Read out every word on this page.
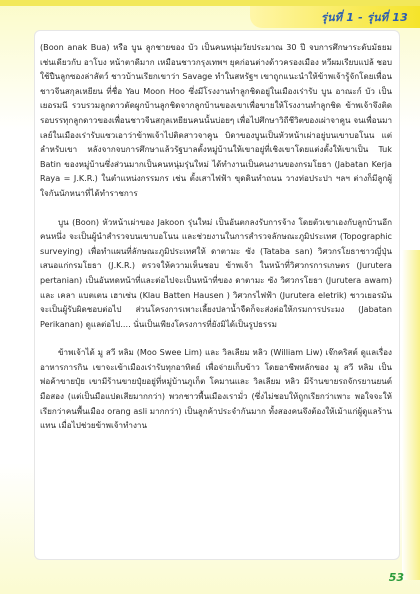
รุ่นที่ 1 - รุ่นที่ 13

(Boon anak Bua) หรือ บูน ลูกชายของ บัว เป็นคนหนุ่มวัยประมาณ 30 ปี จบการศึกษาระดับมัธยมเช่นเดียวกับ อาโบง หน้าตาดีมาก เหมือนชาวกรุงเทพฯ ยุคก่อนต่างด้าวครองเมือง หวีผมเรียบแปล้ ชอบใช้ปืนลูกซองล่าสัตว์ ชาวบ้านเรียกเขาว่า Savage ทำในสหรัฐฯ เขาถูกแนะนำให้ข้าพเจ้ารู้จักโดยเพื่อนชาวจีนสกุลเหยียน ที่ชื่อ Yau Moon Hoo ซึ่งมีโรงงานทำลูกชิดอยู่ในเมืองเร่ารับ บูน อาณะก์ บัว เป็นเยอรมนี รวบรวมลูกดาวตัดผูกบ้านลูกชิดจากลูกบ้านของเขาเพื่อขายให้โรงงานทำลูกชิด ข้าพเจ้าจึงติดรอบรรทุกลูกดาวของเพื่อนชาวจีนสกุลเหยียนคนนั้นบ่อยๆ เพื่อไปศึกษาวิถีชีวิตของเผ่าจาคูน จนเพื่อนมาเลย์ในเมืองเร่ารับแซวเอาว่าข้าพเจ้าไปติดสาวจาคูน บิดาของบูนเป็นหัวหน้าเผ่าอยู่บนเขาบอโนน แต่ลำหรับเขา หลังจากจบการศึกษาแล้วรัฐบาลตั้งหมู่บ้านให้เขาอยู่ที่เชิงเขาโดยแต่งตั้งให้เขาเป็น Tuk Batin ของหมู่บ้านซึ่งส่วนมากเป็นคนหนุ่มรุ่นใหม่ ได้ทำงานเป็นคนงานของกรมโยธา (Jabatan Kerja Raya = J.K.R.) ในตำแหน่งกรรมกร เช่น ตั้งเสาไฟฟ้า ขุดดินทำถนน วางท่อประปา ฯลฯ ต่างก็มีลูกผู้ใจกันนักหนาที่ได้ทำราชการ

บูน (Boon) หัวหน้าเผ่าของ Jakoon รุ่นใหม่ เป็นอันตกลงรับการจ้าง โดยตัวเขาเองกับลูกบ้านอีกคนหนึ่ง จะเป็นผู้นำสำรวจบนเขาบอโนน และช่วยงานในการสำรวจลักษณะภูมิประเทศ (Topographic surveying) เพื่อทำแผนที่ลักษณะภูมิประเทศให้ ดาตามะ ซัง (Tataba san) วิศวกรโยธาชาวญี่ปุ่น เสนอแก่กรมโยธา (J.K.R.) ตรวจให้ความเห็นชอบ ข้าพเจ้า ในหน้าที่วิศวกรการเกษตร (Jurutera pertanian) เป็นอันทดหน้าที่และต่อไปจะเป็นหน้าที่ของ ดาตามะ ซัง วิศวกรโยธา (Jurutera awam) และ เคลา แบตเตน เฮาเซ่น (Klau Batten Hausen ) วิศวกรไฟฟ้า (Jurutera eletrik) ชาวเยอรมัน จะเป็นผู้รับผิดชอบต่อไป ส่วนโครงการเพาะเลี้ยงปลาน้ำจืดก็จะส่งต่อให้กรมการประมง (Jabatan Perikanan) ดูแลต่อไป.... นั่นเป็นเพียงโครงการที่ยังมิได้เป็นรูปธรรม

ข้าพเจ้าได้ มู สวี หลิม (Moo Swee Lim) และ วิลเลียม หลิว (William Liw) เจ๊กคริสต์ ดูแลเรื่องอาหารการกิน เขาจะเข้าเมืองเร่ารับทุกอาทิตย์ เพื่อจ่ายเก็บข้าว โดยอาชีพหลักของ มู สวี หลิม เป็นพ่อค้าขายปุ๋ย เขามีร้านขายปุ๋ยอยู่ที่หมู่บ้านภูเก็ต โคมานและ วิลเลียม หลิว มีร้านขายรถจักรยานยนต์มือสอง (แต่เป็นมือแปดเสียมากกว่า) พวกชาวพื้นเมืองเรามั่ว (ซึ่งไม่ชอบให้ถูกเรียกว่าเพาะ พอใจจะให้เรียกว่าคนพื้นเมือง orang asli มากกว่า) เป็นลูกค้าประจำกันมาก ทั้งสองคนจึงต้องให้เม้าแก่ผู้ดูแลร้านแทน เมื่อไปช่วยข้าพเจ้าทำงาน

53
